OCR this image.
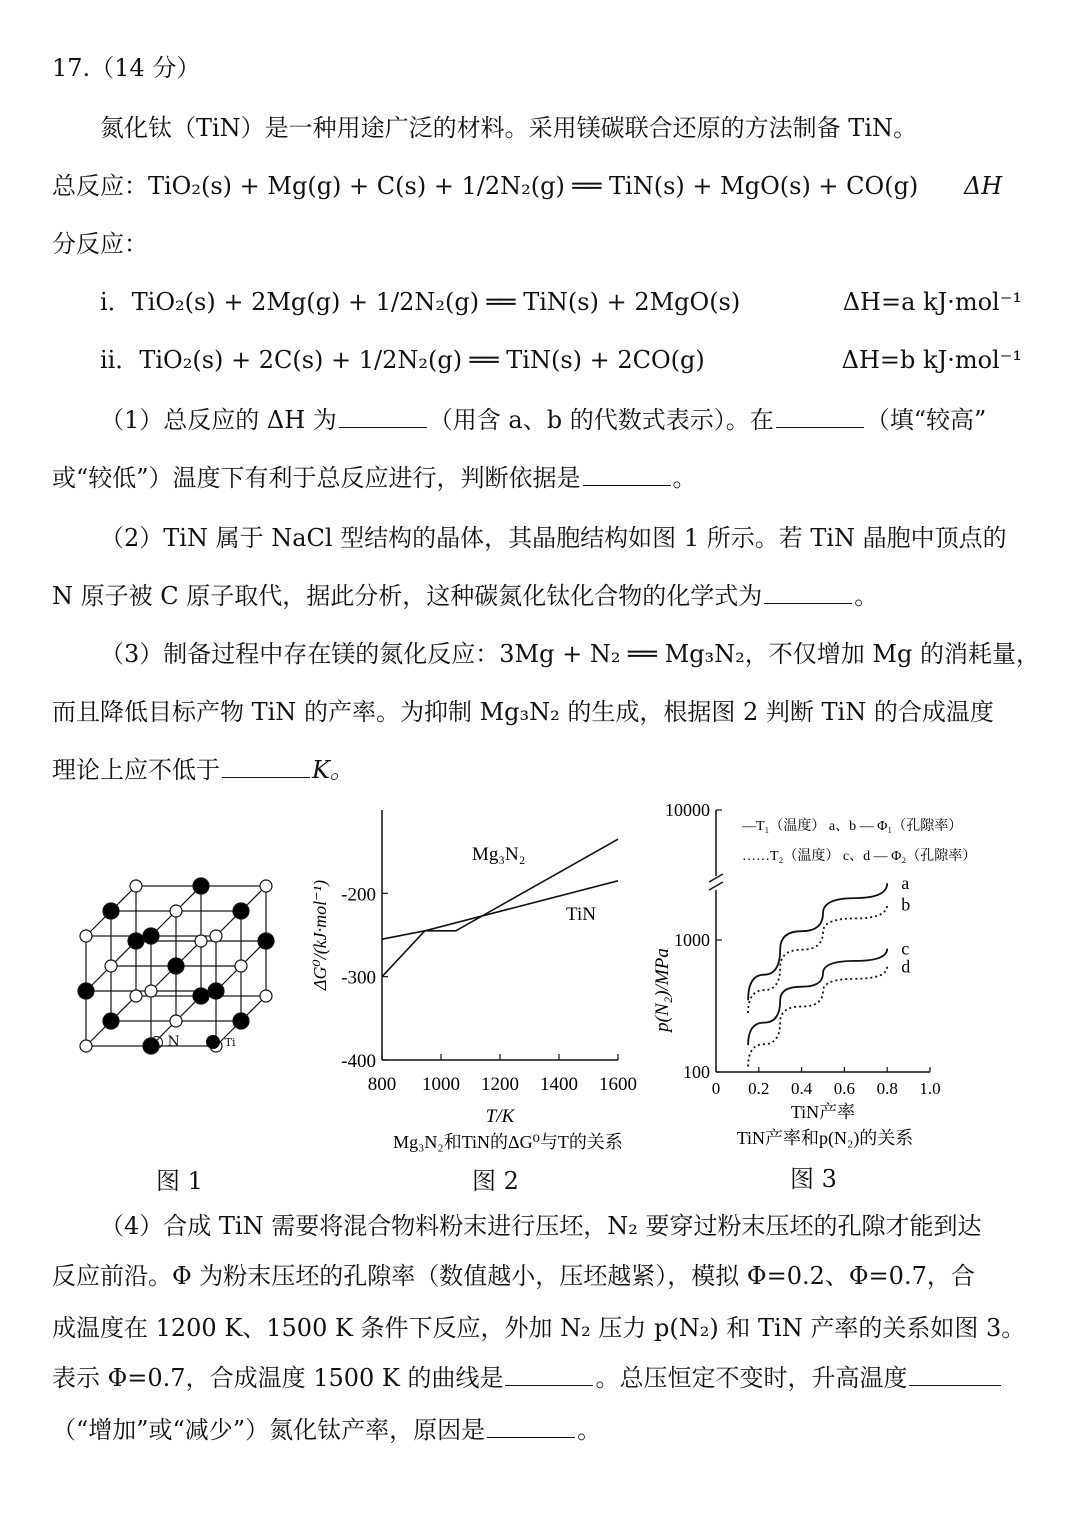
17.（14 分）
氮化钛（TiN）是一种用途广泛的材料。采用镁碳联合还原的方法制备 TiN。
总反应：TiO₂(s) + Mg(g) + C(s) + 1/2N₂(g) ══ TiN(s) + MgO(s) + CO(g) ΔH
分反应：
i．TiO₂(s) + 2Mg(g) + 1/2N₂(g) ══ TiN(s) + 2MgO(s)	ΔH=a kJ·mol⁻¹
ii．TiO₂(s) + 2C(s) + 1/2N₂(g) ══ TiN(s) + 2CO(g)	ΔH=b kJ·mol⁻¹
（1）总反应的 ΔH 为	（用含 a、b 的代数式表示）。在	（填“较高”
或“较低”）温度下有利于总反应进行，判断依据是	。
（2）TiN 属于 NaCl 型结构的晶体，其晶胞结构如图 1 所示。若 TiN 晶胞中顶点的
N 原子被 C 原子取代，据此分析，这种碳氮化钛化合物的化学式为	。
（3）制备过程中存在镁的氮化反应：3Mg + N₂ ══ Mg₃N₂，不仅增加 Mg 的消耗量，
而且降低目标产物 TiN 的产率。为抑制 Mg₃N₂ 的生成，根据图 2 判断 TiN 的合成温度
理论上应不低于	K。
N	Ti
800 1000 1200 1400 1600
-200
-300
-400
Mg₃N₂
TiN
ΔG⁰/(kJ·mol⁻¹)
T/K
Mg₃N₂和TiN的ΔG⁰与T的关系
10000
1000
100
0 0.2 0.4 0.6 0.8 1.0
a
b
c
d
—T₁（温度） a、b — Φ₁（孔隙率）
……T₂（温度） c、d — Φ₂（孔隙率）
p(N₂)/MPa
TiN产率
TiN产率和p(N₂)的关系
图 1	图 2	图 3
（4）合成 TiN 需要将混合物料粉末进行压坯，N₂ 要穿过粉末压坯的孔隙才能到达
反应前沿。Φ 为粉末压坯的孔隙率（数值越小，压坯越紧），模拟 Φ=0.2、Φ=0.7，合
成温度在 1200 K、1500 K 条件下反应，外加 N₂ 压力 p(N₂) 和 TiN 产率的关系如图 3。
表示 Φ=0.7，合成温度 1500 K 的曲线是	。总压恒定不变时，升高温度
（“增加”或“减少”）氮化钛产率，原因是	。
